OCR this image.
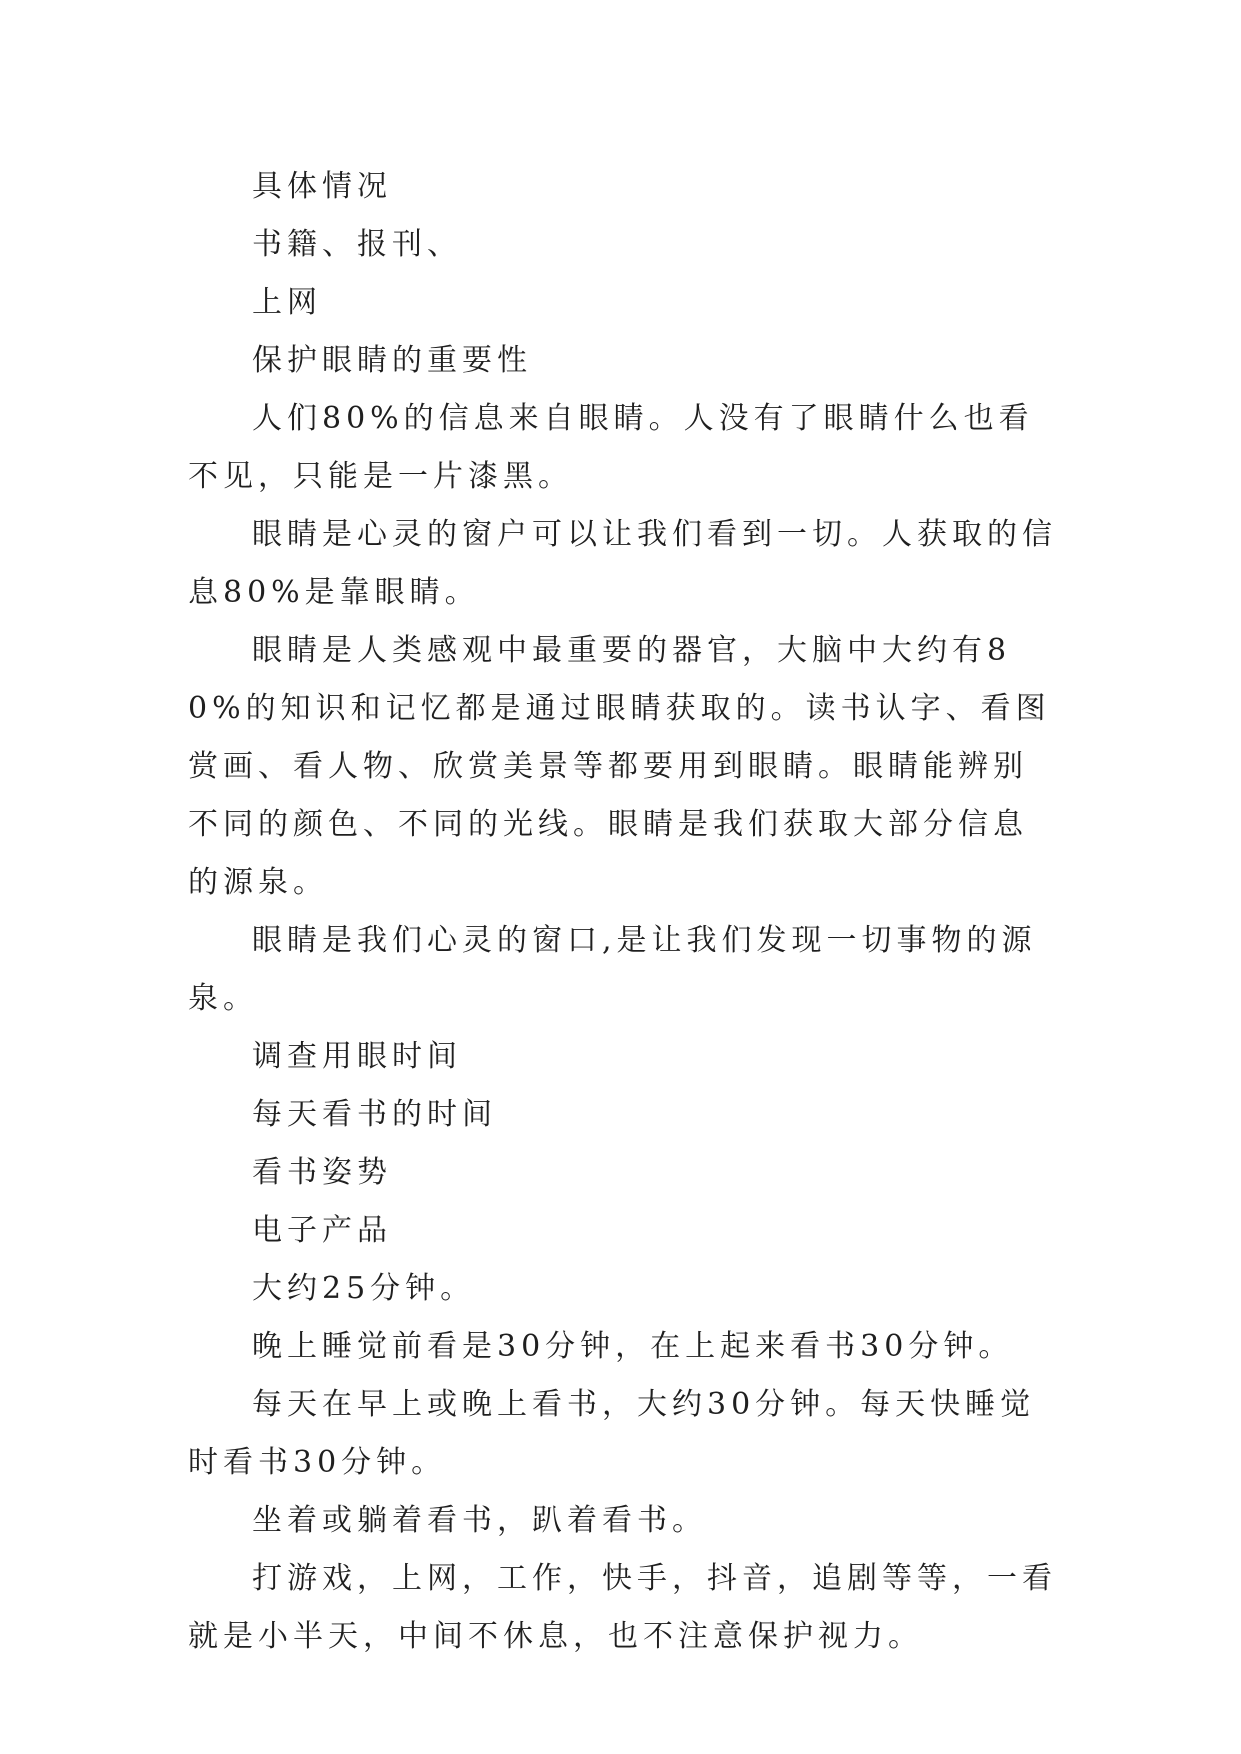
具体情况

书籍、报刊、

上网

保护眼睛的重要性

人们80%的信息来自眼睛。人没有了眼睛什么也看不见，只能是一片漆黑。

眼睛是心灵的窗户可以让我们看到一切。人获取的信息80%是靠眼睛。

眼睛是人类感观中最重要的器官，大脑中大约有80%的知识和记忆都是通过眼睛获取的。读书认字、看图赏画、看人物、欣赏美景等都要用到眼睛。眼睛能辨别不同的颜色、不同的光线。眼睛是我们获取大部分信息的源泉。

眼睛是我们心灵的窗口,是让我们发现一切事物的源泉。

调查用眼时间

每天看书的时间

看书姿势

电子产品

大约25分钟。

晚上睡觉前看是30分钟，在上起来看书30分钟。

每天在早上或晚上看书，大约30分钟。每天快睡觉时看书30分钟。

坐着或躺着看书，趴着看书。

打游戏，上网，工作，快手，抖音，追剧等等，一看就是小半天，中间不休息，也不注意保护视力。
